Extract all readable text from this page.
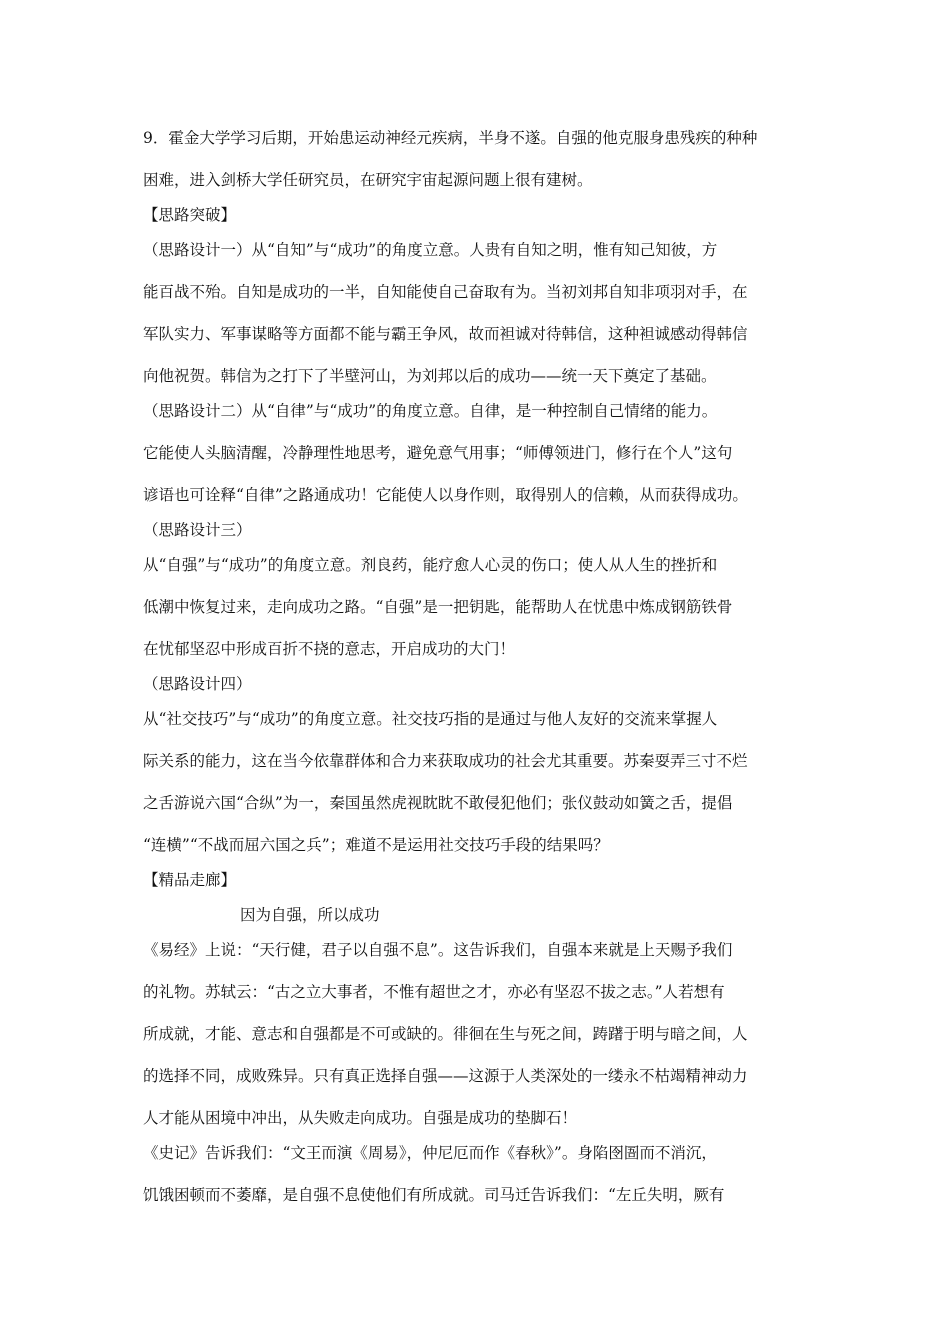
9．霍金大学学习后期，开始患运动神经元疾病，半身不遂。自强的他克服身患残疾的种种
困难，进入剑桥大学任研究员，在研究宇宙起源问题上很有建树。
【思路突破】
（思路设计一）从“自知”与“成功”的角度立意。人贵有自知之明，惟有知己知彼，方
能百战不殆。自知是成功的一半，自知能使自己奋取有为。当初刘邦自知非项羽对手，在
军队实力、军事谋略等方面都不能与霸王争风，故而袒诚对待韩信，这种袒诚感动得韩信
向他祝贺。韩信为之打下了半壁河山，为刘邦以后的成功——统一天下奠定了基础。
（思路设计二）从“自律”与“成功”的角度立意。自律，是一种控制自己情绪的能力。
它能使人头脑清醒，冷静理性地思考，避免意气用事；“师傅领进门，修行在个人”这句
谚语也可诠释“自律”之路通成功！它能使人以身作则，取得别人的信赖，从而获得成功。
（思路设计三）
从“自强”与“成功”的角度立意。剂良药，能疗愈人心灵的伤口；使人从人生的挫折和
低潮中恢复过来，走向成功之路。“自强”是一把钥匙，能帮助人在忧患中炼成钢筋铁骨
在忧郁坚忍中形成百折不挠的意志，开启成功的大门！
（思路设计四）
从“社交技巧”与“成功”的角度立意。社交技巧指的是通过与他人友好的交流来掌握人
际关系的能力，这在当今依靠群体和合力来获取成功的社会尤其重要。苏秦耍弄三寸不烂
之舌游说六国“合纵”为一，秦国虽然虎视眈眈不敢侵犯他们；张仪鼓动如簧之舌，提倡
“连横”“不战而屈六国之兵”；难道不是运用社交技巧手段的结果吗？
【精品走廊】
因为自强，所以成功
《易经》上说：“天行健，君子以自强不息”。这告诉我们，自强本来就是上天赐予我们
的礼物。苏轼云：“古之立大事者，不惟有超世之才，亦必有坚忍不拔之志。”人若想有
所成就，才能、意志和自强都是不可或缺的。徘徊在生与死之间，踌躇于明与暗之间，人
的选择不同，成败殊异。只有真正选择自强——这源于人类深处的一缕永不枯竭精神动力
人才能从困境中冲出，从失败走向成功。自强是成功的垫脚石！
《史记》告诉我们：“文王而演《周易》，仲尼厄而作《春秋》”。身陷囹圄而不消沉，
饥饿困顿而不萎靡，是自强不息使他们有所成就。司马迁告诉我们：“左丘失明，厥有
